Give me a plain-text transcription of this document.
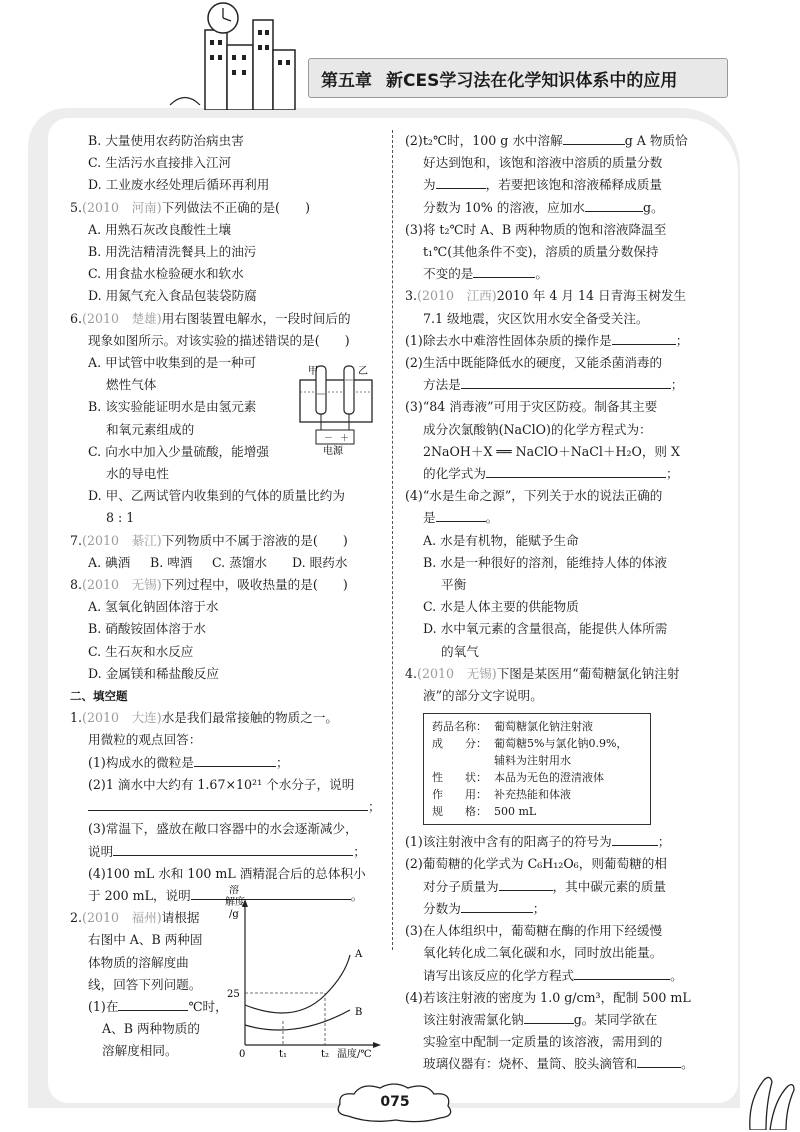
第五章 新CES学习法在化学知识体系中的应用
B. 大量使用农药防治病虫害
C. 生活污水直接排入江河
D. 工业废水经处理后循环再利用
5.(2010　河南)下列做法不正确的是(　　)
A. 用熟石灰改良酸性土壤
B. 用洗洁精清洗餐具上的油污
C. 用食盐水检验硬水和软水
D. 用氮气充入食品包装袋防腐
6.(2010　楚雄)用右图装置电解水，一段时间后的
现象如图所示。对该实验的描述错误的是(　　)
A. 甲试管中收集到的是一种可
燃性气体
B. 该实验能证明水是由氢元素
和氧元素组成的
C. 向水中加入少量硫酸，能增强
水的导电性
D. 甲、乙两试管内收集到的气体的质量比约为
8 : 1
7.(2010　綦江)下列物质中不属于溶液的是(　　)
A. 碘酒 B. 啤酒 C. 蒸馏水 D. 眼药水
8.(2010　无锡)下列过程中，吸收热量的是(　　)
A. 氢氧化钠固体溶于水
B. 硝酸铵固体溶于水
C. 生石灰和水反应
D. 金属镁和稀盐酸反应
二、填空题
1.(2010　大连)水是我们最常接触的物质之一。
用微粒的观点回答：
(1)构成水的微粒是	；
(2)1 滴水中大约有 1.67×10²¹ 个水分子，说明
；
(3)常温下，盛放在敞口容器中的水会逐渐减少，
说明	；
(4)100 mL 水和 100 mL 酒精混合后的总体积小
于 200 mL，说明	。
2.(2010　福州)请根据
右图中 A、B 两种固
体物质的溶解度曲
线，回答下列问题。
(1)在	℃时，
A、B 两种物质的
溶解度相同。
甲	乙
－ ＋
电源
溶
解度
/g
25
A
B
0	t₁	t₂ 温度/℃
(2)t₂℃时，100 g 水中溶解	g A 物质恰
好达到饱和，该饱和溶液中溶质的质量分数
为	，若要把该饱和溶液稀释成质量
分数为 10% 的溶液，应加水	g。
(3)将 t₂℃时 A、B 两种物质的饱和溶液降温至
t₁℃(其他条件不变)，溶质的质量分数保持
不变的是	。
3.(2010　江西)2010 年 4 月 14 日青海玉树发生
7.1 级地震，灾区饮用水安全备受关注。
(1)除去水中难溶性固体杂质的操作是	；
(2)生活中既能降低水的硬度，又能杀菌消毒的
方法是	；
(3)“84 消毒液”可用于灾区防疫。制备其主要
成分次氯酸钠(NaClO)的化学方程式为：
2NaOH＋X ══ NaClO＋NaCl＋H₂O，则 X
的化学式为	；
(4)“水是生命之源”，下列关于水的说法正确的
是	。
A. 水是有机物，能赋予生命
B. 水是一种很好的溶剂，能维持人体的体液
平衡
C. 水是人体主要的供能物质
D. 水中氧元素的含量很高，能提供人体所需
的氧气
4.(2010　无锡)下图是某医用“葡萄糖氯化钠注射
液”的部分文字说明。
药品名称： 葡萄糖氯化钠注射液
成　　分： 葡萄糖5%与氯化钠0.9%，
辅料为注射用水
性　　状： 本品为无色的澄清液体
作　　用： 补充热能和体液
规　　格： 500 mL
(1)该注射液中含有的阳离子的符号为	；
(2)葡萄糖的化学式为 C₆H₁₂O₆，则葡萄糖的相
对分子质量为	，其中碳元素的质量
分数为	；
(3)在人体组织中，葡萄糖在酶的作用下经缓慢
氧化转化成二氧化碳和水，同时放出能量。
请写出该反应的化学方程式	。
(4)若该注射液的密度为 1.0 g/cm³，配制 500 mL
该注射液需氯化钠	g。某同学欲在
实验室中配制一定质量的该溶液，需用到的
玻璃仪器有：烧杯、量筒、胶头滴管和	。
075
